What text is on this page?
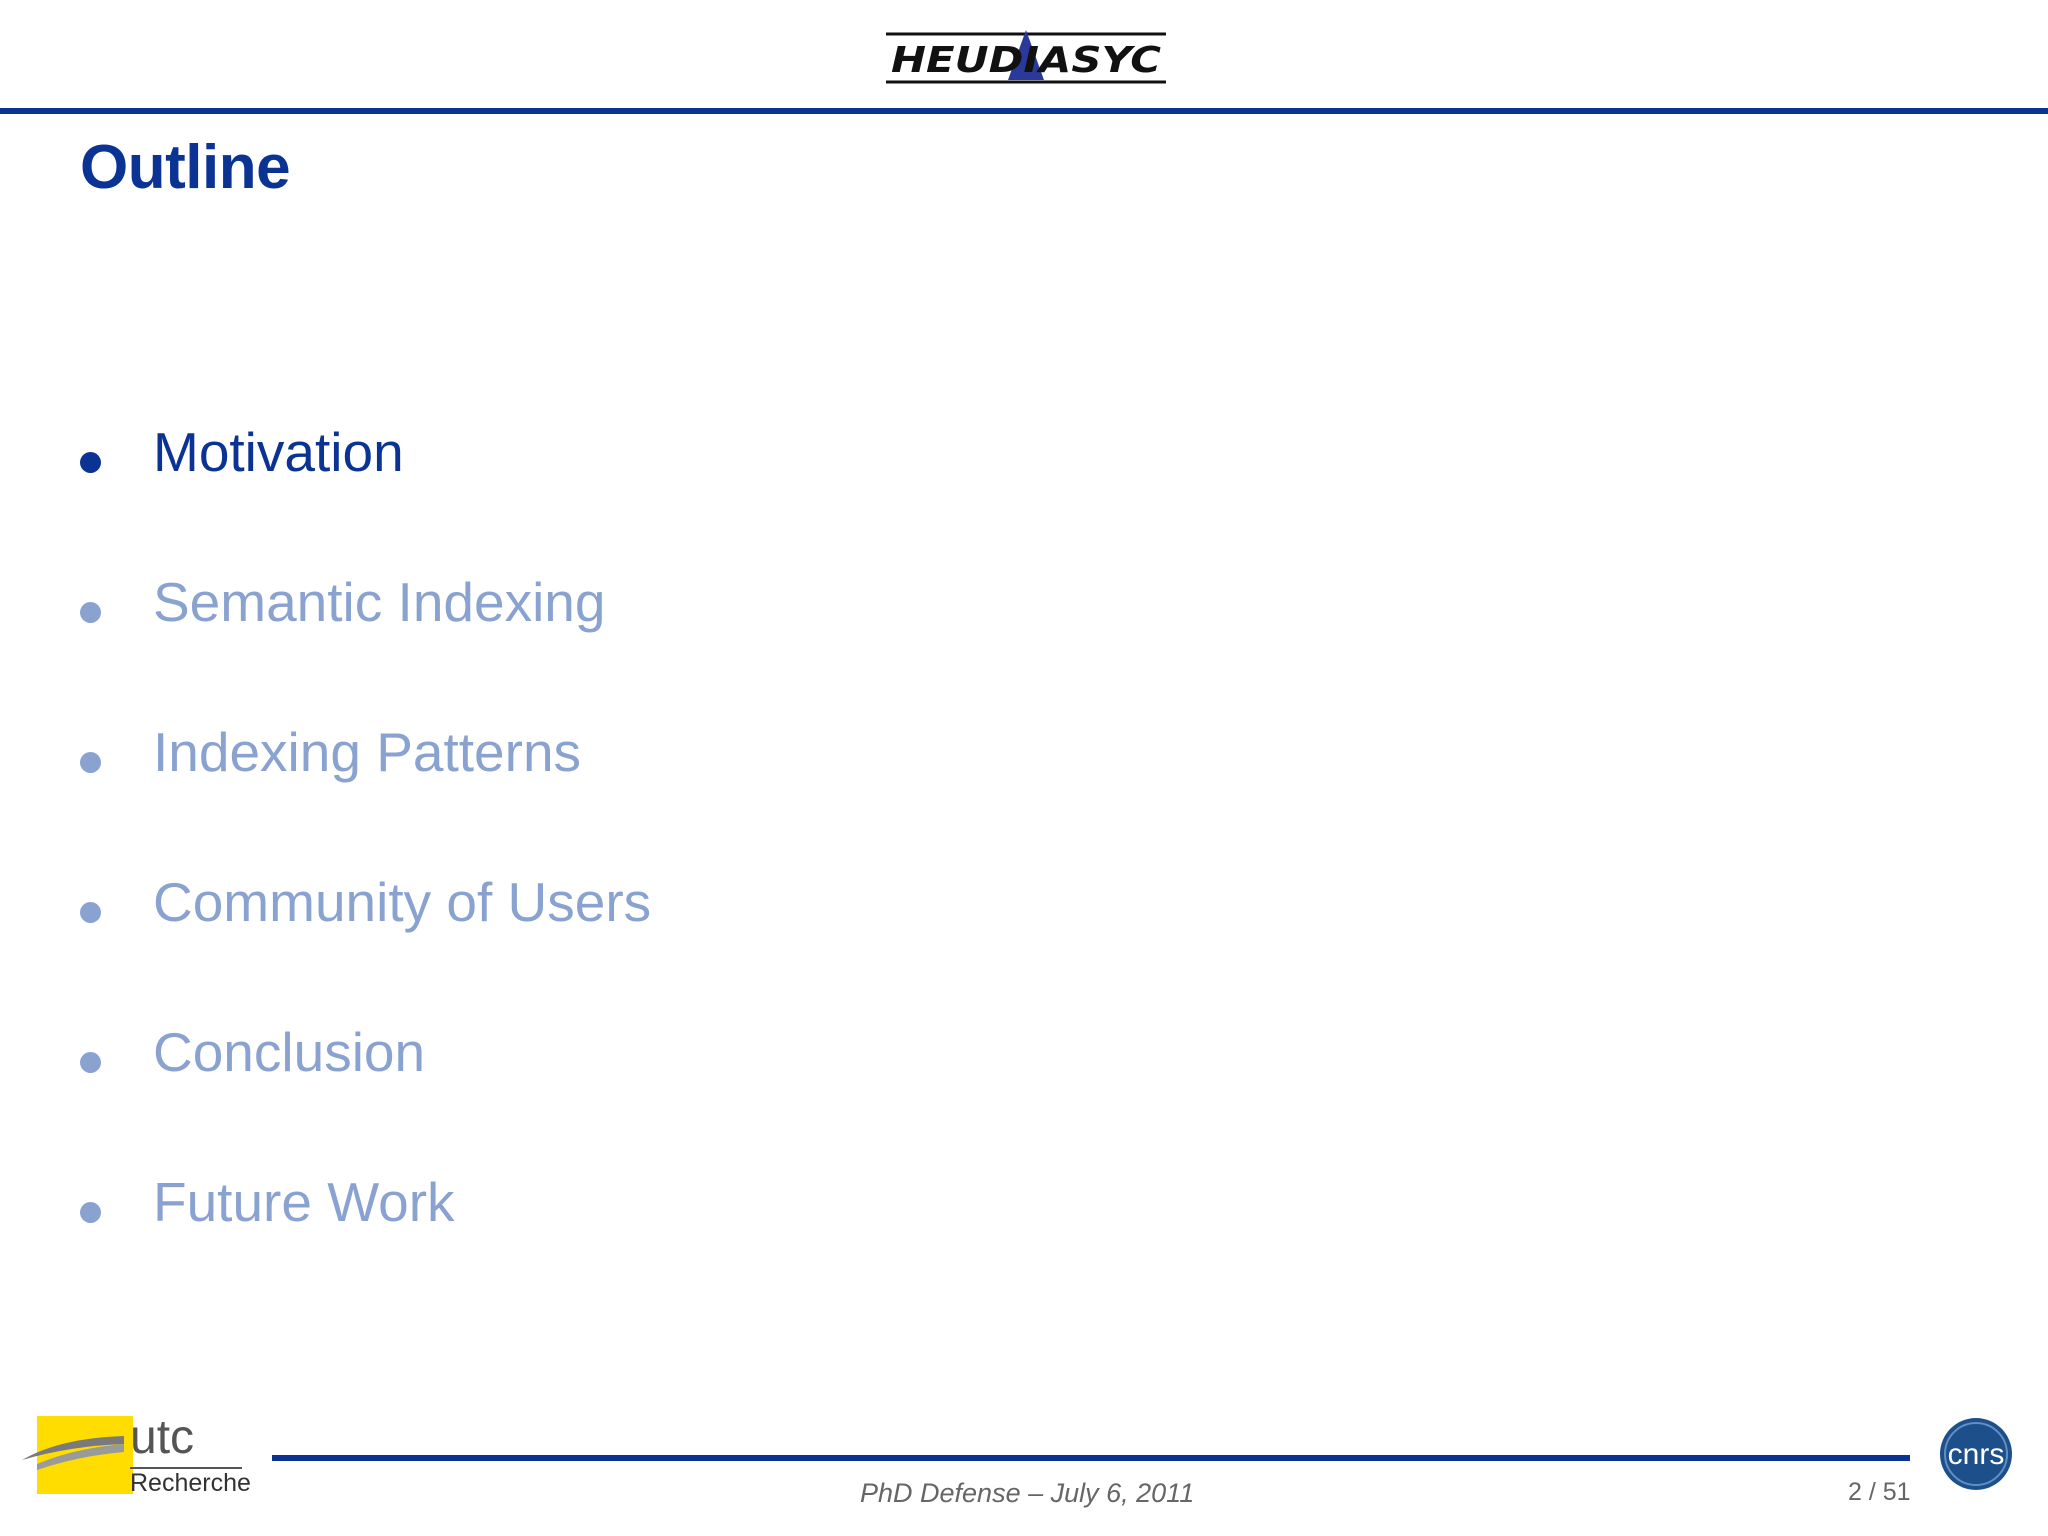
HEUDIASYC
Outline
Motivation
Semantic Indexing
Indexing Patterns
Community of Users
Conclusion
Future Work
utc
Recherche	PhD Defense – July 6, 2011	2 / 51
cnrs
